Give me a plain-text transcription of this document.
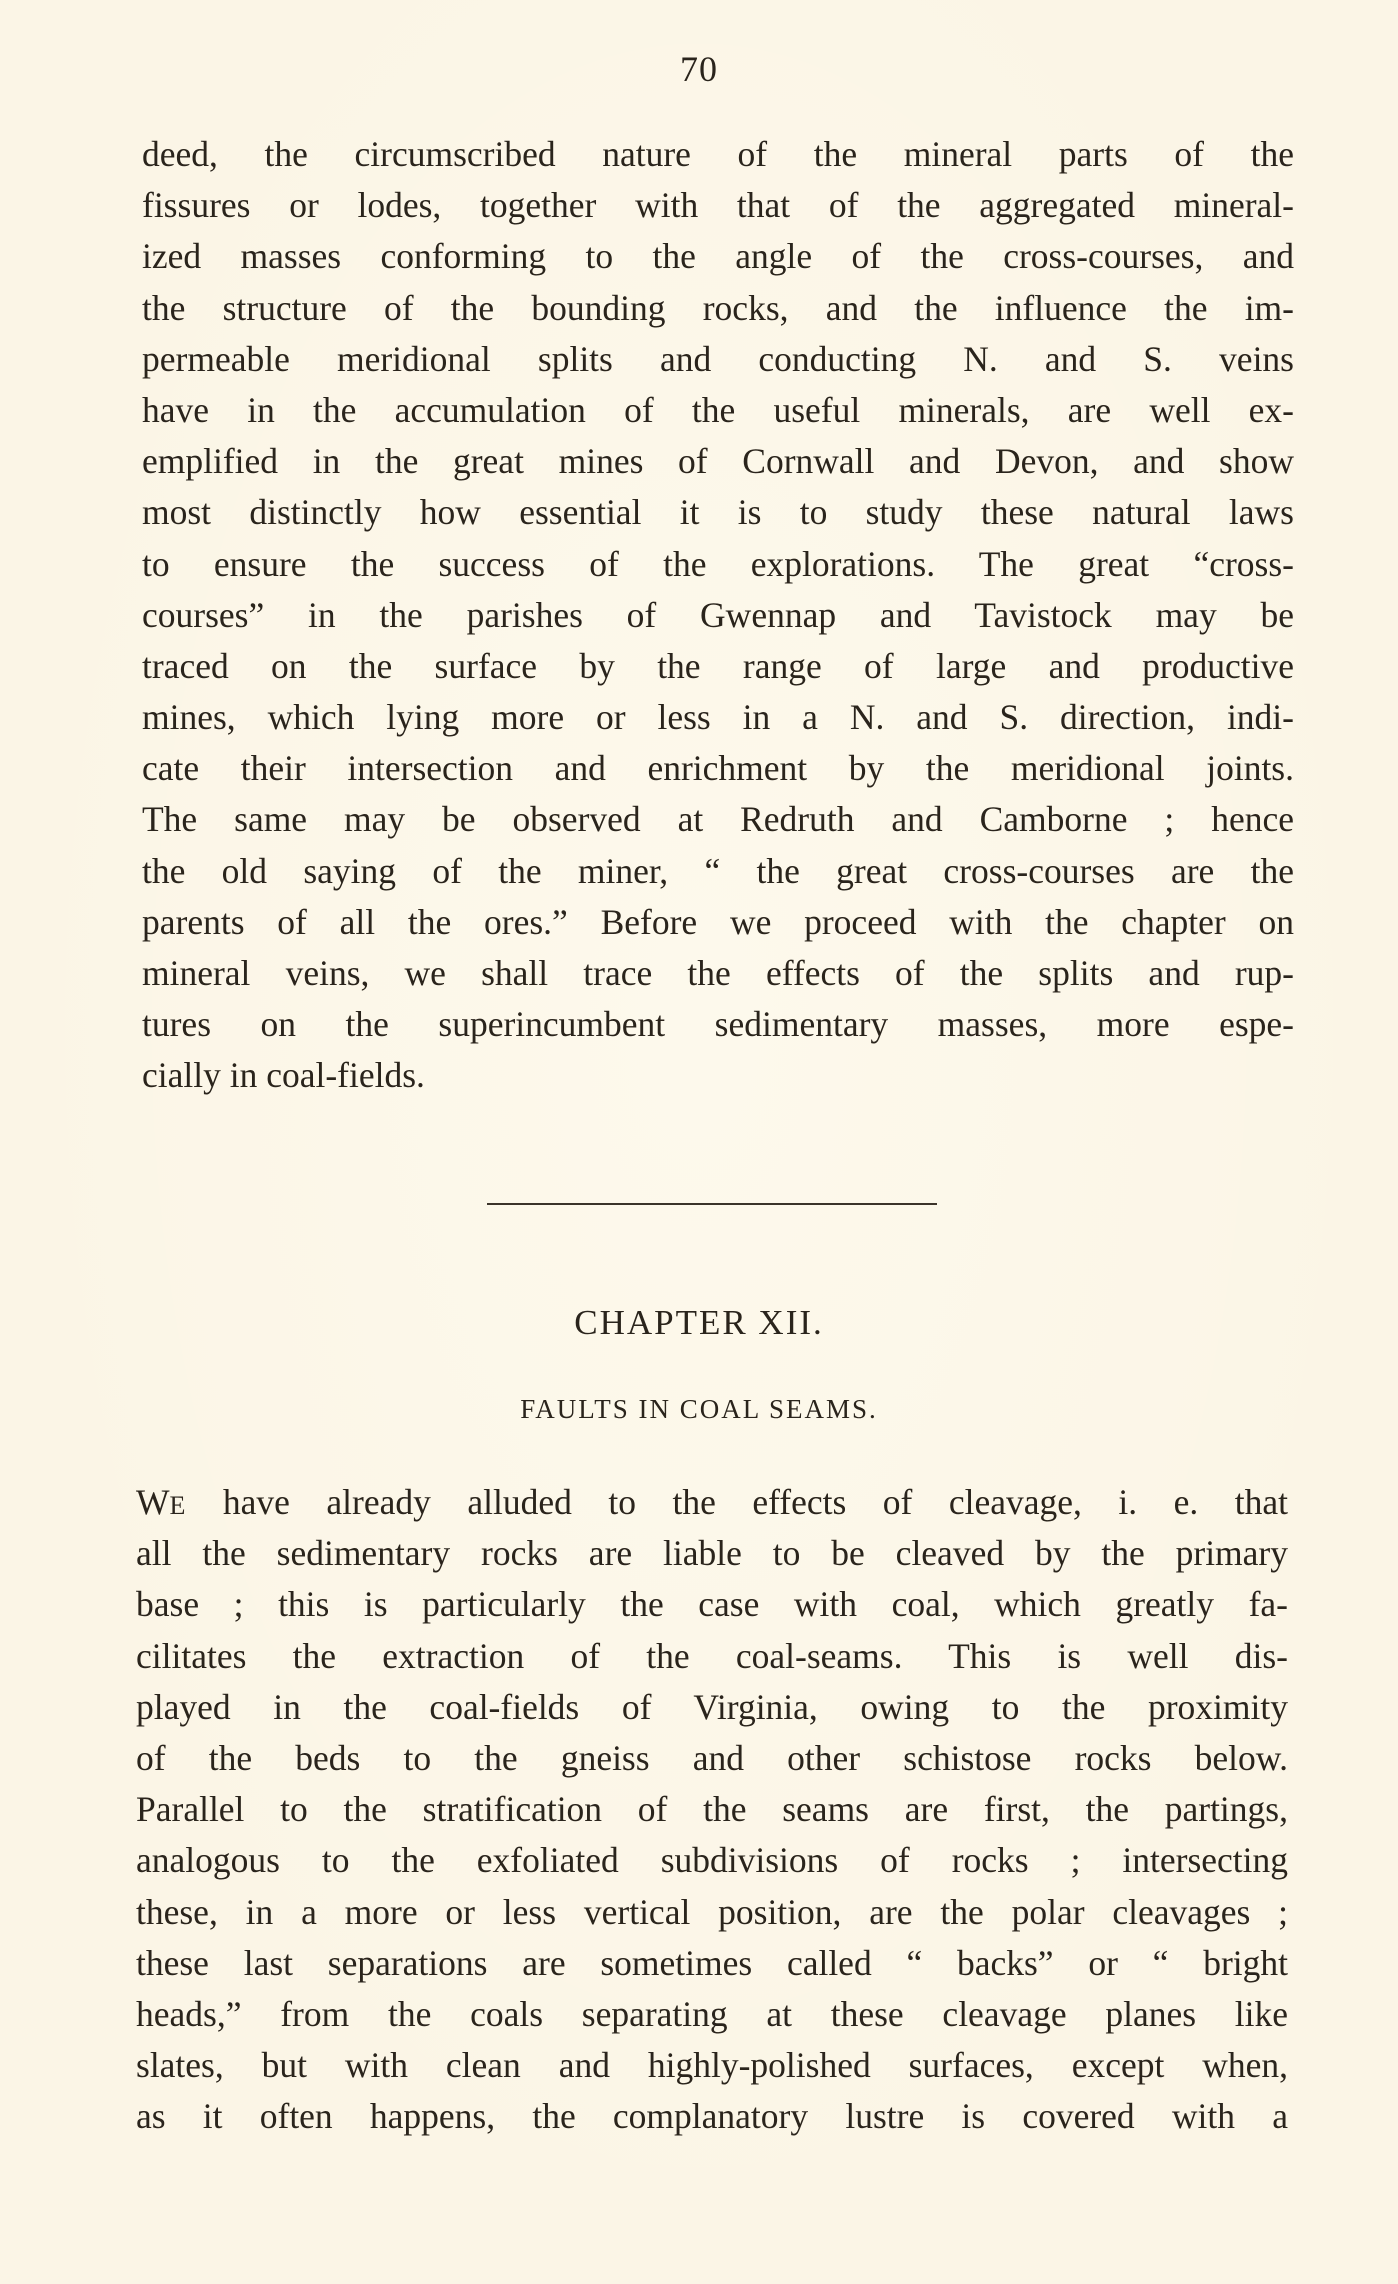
70
deed, the circumscribed nature of the mineral parts of the
fissures or lodes, together with that of the aggregated mineral-
ized masses conforming to the angle of the cross-courses, and
the structure of the bounding rocks, and the influence the im-
permeable meridional splits and conducting N. and S. veins
have in the accumulation of the useful minerals, are well ex-
emplified in the great mines of Cornwall and Devon, and show
most distinctly how essential it is to study these natural laws
to ensure the success of the explorations. The great “cross-
courses” in the parishes of Gwennap and Tavistock may be
traced on the surface by the range of large and productive
mines, which lying more or less in a N. and S. direction, indi-
cate their intersection and enrichment by the meridional joints.
The same may be observed at Redruth and Camborne ; hence
the old saying of the miner, “ the great cross-courses are the
parents of all the ores.” Before we proceed with the chapter on
mineral veins, we shall trace the effects of the splits and rup-
tures on the superincumbent sedimentary masses, more espe-
cially in coal-fields.
CHAPTER XII.
FAULTS IN COAL SEAMS.
WE have already alluded to the effects of cleavage, i. e. that
all the sedimentary rocks are liable to be cleaved by the primary
base ; this is particularly the case with coal, which greatly fa-
cilitates the extraction of the coal-seams. This is well dis-
played in the coal-fields of Virginia, owing to the proximity
of the beds to the gneiss and other schistose rocks below.
Parallel to the stratification of the seams are first, the partings,
analogous to the exfoliated subdivisions of rocks ; intersecting
these, in a more or less vertical position, are the polar cleavages ;
these last separations are sometimes called “ backs” or “ bright
heads,” from the coals separating at these cleavage planes like
slates, but with clean and highly-polished surfaces, except when,
as it often happens, the complanatory lustre is covered with a
